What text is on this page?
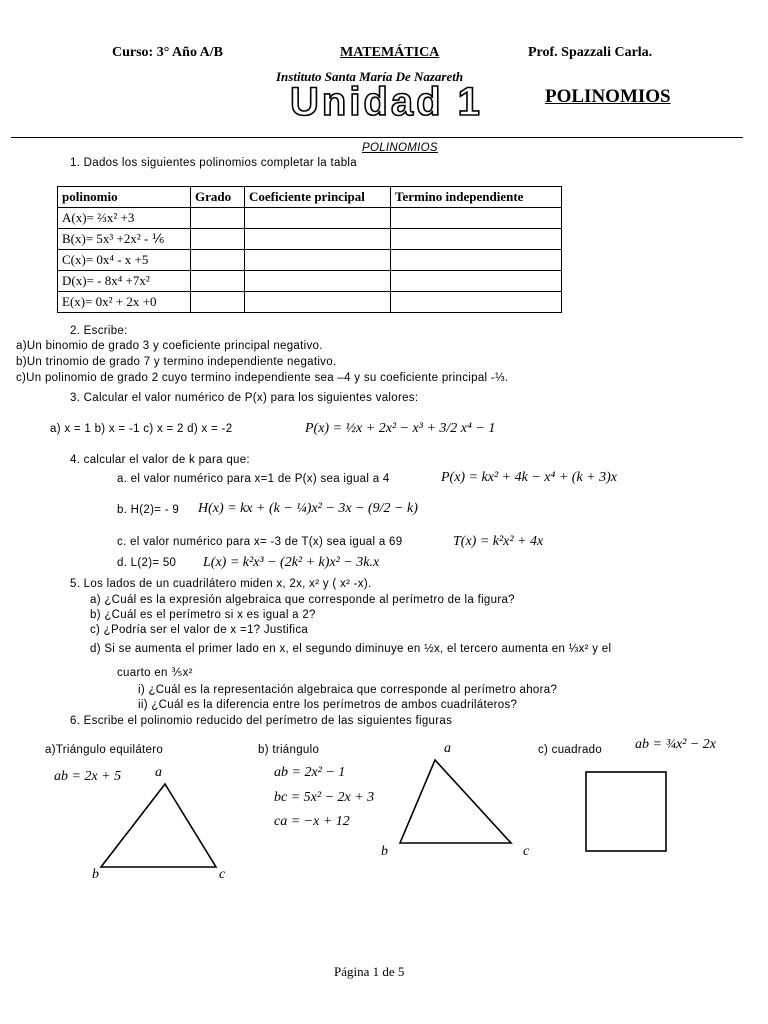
Curso: 3° Año A/B	MATEMÁTICA	Prof. Spazzali Carla.
Instituto Santa María De Nazareth
Unidad 1	POLINOMIOS
POLINOMIOS
1. Dados los siguientes polinomios completar la tabla
polinomio	Grado	Coeficiente principal	Termino independiente
A(x)= ⅔x² +3			
B(x)= 5x³ +2x² - ⅙			
C(x)= 0x⁴ - x +5			
D(x)= - 8x⁴ +7x²			
E(x)= 0x² + 2x +0			
2. Escribe:
a)Un binomio de grado 3 y coeficiente principal negativo.
b)Un trinomio de grado 7 y termino independiente negativo.
c)Un polinomio de grado 2 cuyo termino independiente sea –4 y su coeficiente principal -⅓.
3. Calcular el valor numérico de P(x) para los siguientes valores:
a) x = 1 b) x = -1 c) x = 2 d) x = -2	P(x) = ½x + 2x² − x³ + 3/2 x⁴ − 1
4. calcular el valor de k para que:
a. el valor numérico para x=1 de P(x) sea igual a 4	P(x) = kx² + 4k − x⁴ + (k + 3)x
b. H(2)= - 9 H(x) = kx + (k − ¼)x² − 3x − (9/2 − k)
c. el valor numérico para x= -3 de T(x) sea igual a 69	T(x) = k²x² + 4x
d. L(2)= 50 L(x) = k²x³ − (2k² + k)x² − 3k.x
5. Los lados de un cuadrilátero miden x, 2x, x² y ( x² -x).
a) ¿Cuál es la expresión algebraica que corresponde al perímetro de la figura?
b) ¿Cuál es el perímetro si x es igual a 2?
c) ¿Podría ser el valor de x =1? Justifica
d) Si se aumenta el primer lado en x, el segundo diminuye en ½x, el tercero aumenta en ⅓x² y el
cuarto en ⅗x²
i) ¿Cuál es la representación algebraica que corresponde al perímetro ahora?
ii) ¿Cuál es la diferencia entre los perímetros de ambos cuadriláteros?
6. Escribe el polinomio reducido del perímetro de las siguientes figuras
a)Triángulo equilátero
ab = 2x + 5
b) triángulo
ab = 2x² − 1
bc = 5x² − 2x + 3
ca = −x + 12
c) cuadrado ab = ¾x² − 2x
a
b	c
a
b	c
Página 1 de 5
